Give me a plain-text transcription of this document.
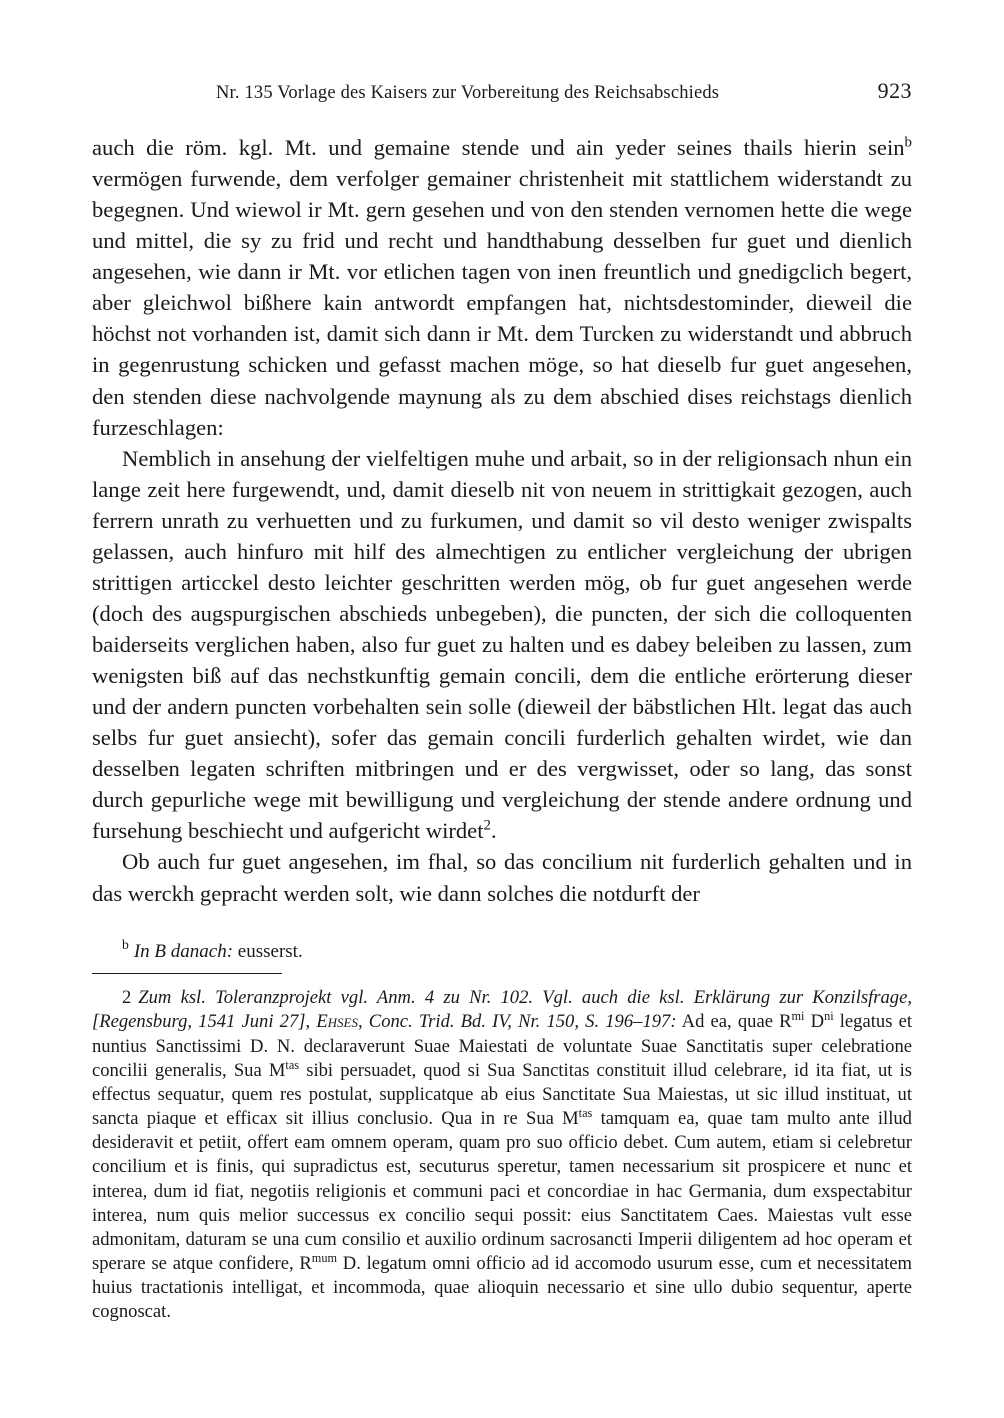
Nr. 135 Vorlage des Kaisers zur Vorbereitung des Reichsabschieds	923

auch die röm. kgl. Mt. und gemaine stende und ain yeder seines thails hierin sein$^b$ vermögen furwende, dem verfolger gemainer christenheit mit stattlichem widerstandt zu begegnen. Und wiewol ir Mt. gern gesehen und von den stenden vernomen hette die wege und mittel, die sy zu frid und recht und handthabung desselben fur guet und dienlich angesehen, wie dann ir Mt. vor etlichen tagen von inen freuntlich und gnedigclich begert, aber gleichwol bißhere kain antwordt empfangen hat, nichtsdestominder, dieweil die höchst not vorhanden ist, damit sich dann ir Mt. dem Turcken zu widerstandt und abbruch in gegenrustung schicken und gefasst machen möge, so hat dieselb fur guet angesehen, den stenden diese nachvolgende maynung als zu dem abschied dises reichstags dienlich furzeschlagen:

Nemblich in ansehung der vielfeltigen muhe und arbait, so in der religionsach nhun ein lange zeit here furgewendt, und, damit dieselb nit von neuem in strittigkait gezogen, auch ferrern unrath zu verhuetten und zu furkumen, und damit so vil desto weniger zwispalts gelassen, auch hinfuro mit hilf des almechtigen zu entlicher vergleichung der ubrigen strittigen articckel desto leichter geschritten werden mög, ob fur guet angesehen werde (doch des augspurgischen abschieds unbegeben), die puncten, der sich die colloquenten baiderseits verglichen haben, also fur guet zu halten und es dabey beleiben zu lassen, zum wenigsten biß auf das nechstkunftig gemain concili, dem die entliche erörterung dieser und der andern puncten vorbehalten sein solle (dieweil der bäbstlichen Hlt. legat das auch selbs fur guet ansiecht), sofer das gemain concili furderlich gehalten wirdet, wie dan desselben legaten schriften mitbringen und er des vergwisset, oder so lang, das sonst durch gepurliche wege mit bewilligung und vergleichung der stende andere ordnung und fursehung beschiecht und aufgericht wirdet$^2$.

Ob auch fur guet angesehen, im fhal, so das concilium nit furderlich gehalten und in das werckh gepracht werden solt, wie dann solches die notdurft der

$^b$ In B danach: eusserst.
2 Zum ksl. Toleranzprojekt vgl. Anm. 4 zu Nr. 102. Vgl. auch die ksl. Erklärung zur Konzilsfrage, [Regensburg, 1541 Juni 27], Ehses, Conc. Trid. Bd. IV, Nr. 150, S. 196–197: Ad ea, quae $R^{mi}$ $D^{ni}$ legatus et nuntius Sanctissimi D. N. declaraverunt Suae Maiestati de voluntate Suae Sanctitatis super celebratione concilii generalis, Sua $M^{tas}$ sibi persuadet, quod si Sua Sanctitas constituit illud celebrare, id ita fiat, ut is effectus sequatur, quem res postulat, supplicatque ab eius Sanctitate Sua Maiestas, ut sic illud instituat, ut sancta piaque et efficax sit illius conclusio. Qua in re Sua $M^{tas}$ tamquam ea, quae tam multo ante illud desideravit et petiit, offert eam omnem operam, quam pro suo officio debet. Cum autem, etiam si celebretur concilium et is finis, qui supradictus est, secuturus speretur, tamen necessarium sit prospicere et nunc et interea, dum id fiat, negotiis religionis et communi paci et concordiae in hac Germania, dum exspectabitur interea, num quis melior successus ex concilio sequi possit: eius Sanctitatem Caes. Maiestas vult esse admonitam, daturam se una cum consilio et auxilio ordinum sacrosancti Imperii diligentem ad hoc operam et sperare se atque confidere, $R^{mum}$ D. legatum omni officio ad id accomodo usurum esse, cum et necessitatem huius tractationis intelligat, et incommoda, quae alioquin necessario et sine ullo dubio sequentur, aperte cognoscat.
